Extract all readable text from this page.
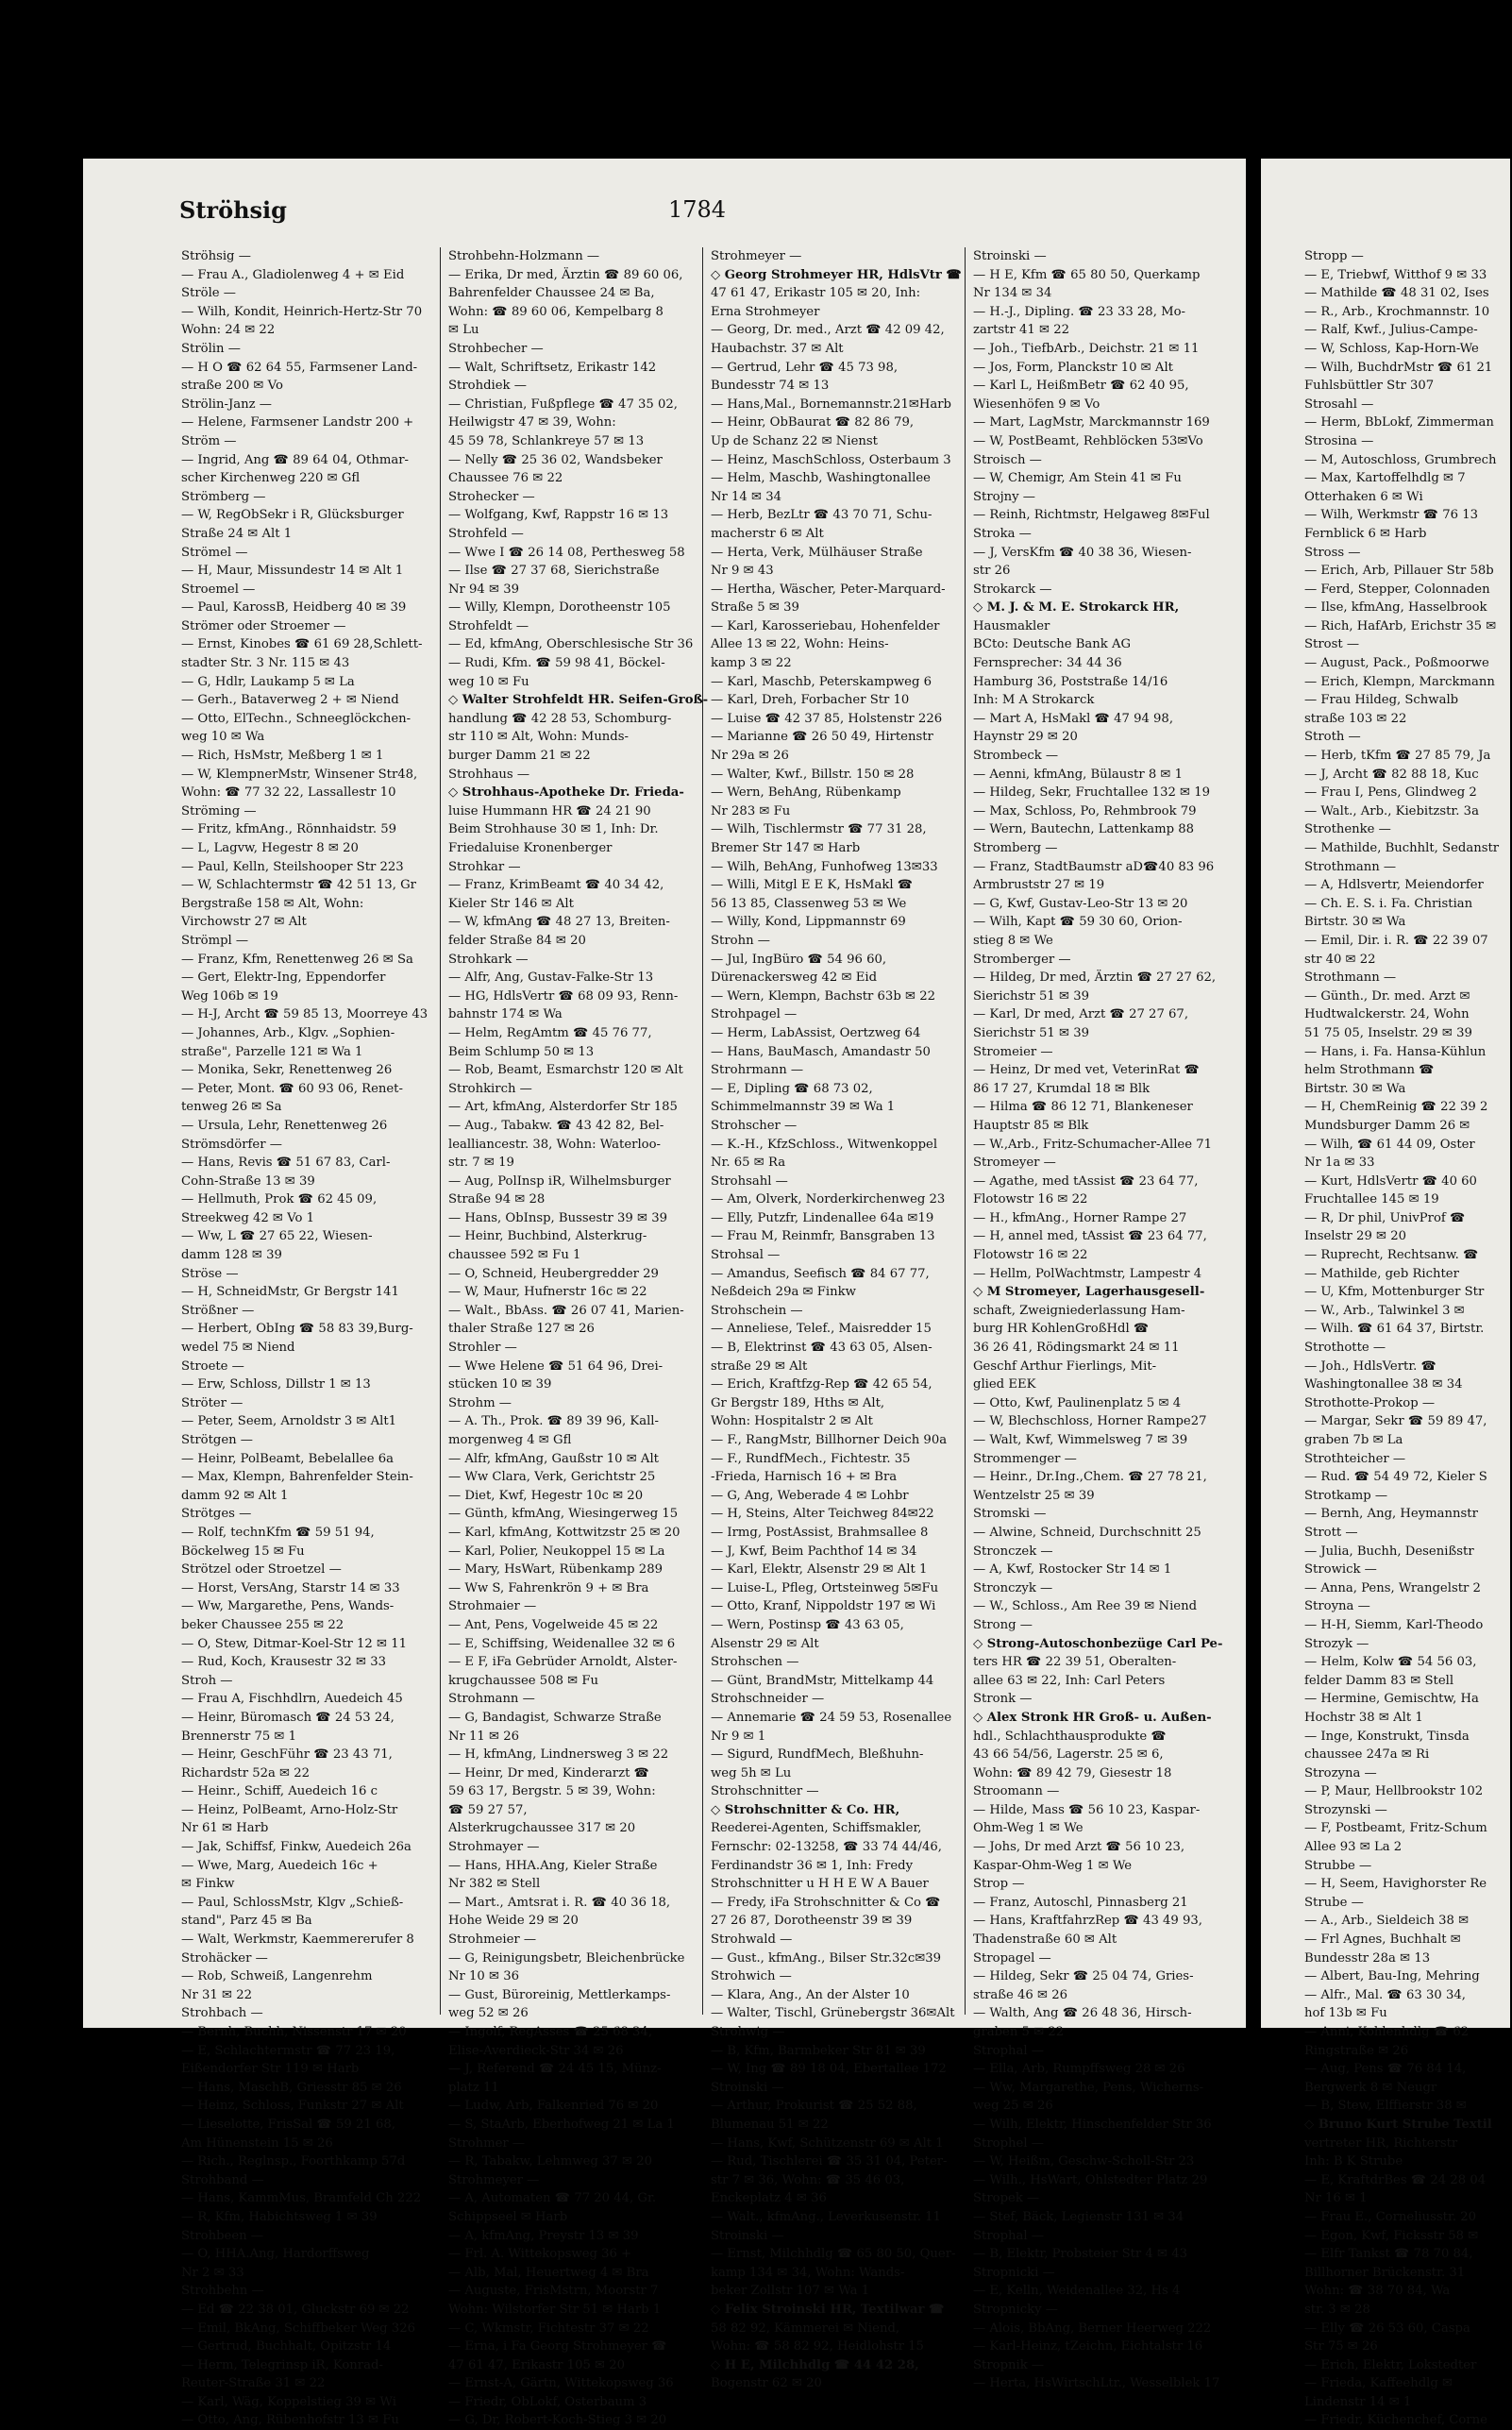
Ströhsig	1784
Ströhsig —
— Frau A., Gladiolenweg 4 + ✉ Eid
Ströle —
— Wilh, Kondit, Heinrich-Hertz-Str 70
Wohn: 24 ✉ 22
Strölin —
— H O ☎ 62 64 55, Farmsener Land-
straße 200 ✉ Vo
Strölin-Janz —
— Helene, Farmsener Landstr 200 +
Ström —
— Ingrid, Ang ☎ 89 64 04, Othmar-
scher Kirchenweg 220 ✉ Gfl
Strömberg —
— W, RegObSekr i R, Glücksburger
Straße 24 ✉ Alt 1
Strömel —
— H, Maur, Missundestr 14 ✉ Alt 1
Stroemel —
— Paul, KarossB, Heidberg 40 ✉ 39
Strömer oder Stroemer —
— Ernst, Kinobes ☎ 61 69 28,Schlett-
stadter Str. 3 Nr. 115 ✉ 43
— G, Hdlr, Laukamp 5 ✉ La
— Gerh., Bataverweg 2 + ✉ Niend
— Otto, ElTechn., Schneeglöckchen-
weg 10 ✉ Wa
— Rich, HsMstr, Meßberg 1 ✉ 1
— W, KlempnerMstr, Winsener Str48,
Wohn: ☎ 77 32 22, Lassallestr 10
Ströming —
— Fritz, kfmAng., Rönnhaidstr. 59
— L, Lagvw, Hegestr 8 ✉ 20
— Paul, Kelln, Steilshooper Str 223
— W, Schlachtermstr ☎ 42 51 13, Gr
Bergstraße 158 ✉ Alt, Wohn:
Virchowstr 27 ✉ Alt
Strömpl —
— Franz, Kfm, Renettenweg 26 ✉ Sa
— Gert, Elektr-Ing, Eppendorfer
Weg 106b ✉ 19
— H-J, Archt ☎ 59 85 13, Moorreye 43
— Johannes, Arb., Klgv. „Sophien-
straße", Parzelle 121 ✉ Wa 1
— Monika, Sekr, Renettenweg 26
— Peter, Mont. ☎ 60 93 06, Renet-
tenweg 26 ✉ Sa
— Ursula, Lehr, Renettenweg 26
Strömsdörfer —
— Hans, Revis ☎ 51 67 83, Carl-
Cohn-Straße 13 ✉ 39
— Hellmuth, Prok ☎ 62 45 09,
Streekweg 42 ✉ Vo 1
— Ww, L ☎ 27 65 22, Wiesen-
damm 128 ✉ 39
Ströse —
— H, SchneidMstr, Gr Bergstr 141
Strößner —
— Herbert, ObIng ☎ 58 83 39,Burg-
wedel 75 ✉ Niend
Stroete —
— Erw, Schloss, Dillstr 1 ✉ 13
Ströter —
— Peter, Seem, Arnoldstr 3 ✉ Alt1
Strötgen —
— Heinr, PolBeamt, Bebelallee 6a
— Max, Klempn, Bahrenfelder Stein-
damm 92 ✉ Alt 1
Strötges —
— Rolf, technKfm ☎ 59 51 94,
Böckelweg 15 ✉ Fu
Strötzel oder Stroetzel —
— Horst, VersAng, Starstr 14 ✉ 33
— Ww, Margarethe, Pens, Wands-
beker Chaussee 255 ✉ 22
— O, Stew, Ditmar-Koel-Str 12 ✉ 11
— Rud, Koch, Krausestr 32 ✉ 33
Stroh —
— Frau A, Fischhdlrn, Auedeich 45
— Heinr, Büromasch ☎ 24 53 24,
Brennerstr 75 ✉ 1
— Heinr, GeschFühr ☎ 23 43 71,
Richardstr 52a ✉ 22
— Heinr., Schiff, Auedeich 16 c
— Heinz, PolBeamt, Arno-Holz-Str
Nr 61 ✉ Harb
— Jak, Schiffsf, Finkw, Auedeich 26a
— Wwe, Marg, Auedeich 16c +
✉ Finkw
— Paul, SchlossMstr, Klgv „Schieß-
stand", Parz 45 ✉ Ba
— Walt, Werkmstr, Kaemmererufer 8
Strohäcker —
— Rob, Schweiß, Langenrehm
Nr 31 ✉ 22
Strohbach —
— Bernh, Buchh, Nissenstr 17 ✉ 20
— E, Schlachtermstr ☎ 77 23 19,
Eißendorfer Str 119 ✉ Harb
— Hans, MaschB, Griesstr 85 ✉ 26
— Heinz, Schloss, Funkstr 27 ✉ Alt
— Lieselotte, FrisSal ☎ 59 21 68,
Am Hünenstein 15 ✉ 26
— Rich., Reglnsp., Foorthkamp 57d
Strohband —
— Hans, KammMus, Bramfeld Ch 222
— R, Kfm, Habichtsweg 1 ✉ 39
Strohbeen —
— O, HHA.Ang, Hardorffsweg
Nr 2 ✉ 33
Strohbehn —
— Ed ☎ 22 38 01, Gluckstr 69 ✉ 22
— Emil, BkAng, Schiffbeker Weg 326
— Gertrud, Buchhalt, Opitzstr 14
— Herm, Telegrinsp iR, Konrad-
Reuter-Straße 31 ✉ 22
— Karl, Wäg, Koppelstieg 39 ✉ Wi
— Otto, Ang, Rübenhofstr 13 ✉ Fu
Strohbehn-Holzmann —
— Erika, Dr med, Ärztin ☎ 89 60 06,
Bahrenfelder Chaussee 24 ✉ Ba,
Wohn: ☎ 89 60 06, Kempelbarg 8
✉ Lu
Strohbecher —
— Walt, Schriftsetz, Erikastr 142
Strohdiek —
— Christian, Fußpflege ☎ 47 35 02,
Heilwigstr 47 ✉ 39, Wohn:
45 59 78, Schlankreye 57 ✉ 13
— Nelly ☎ 25 36 02, Wandsbeker
Chaussee 76 ✉ 22
Strohecker —
— Wolfgang, Kwf, Rappstr 16 ✉ 13
Strohfeld —
— Wwe I ☎ 26 14 08, Perthesweg 58
— Ilse ☎ 27 37 68, Sierichstraße
Nr 94 ✉ 39
— Willy, Klempn, Dorotheenstr 105
Strohfeldt —
— Ed, kfmAng, Oberschlesische Str 36
— Rudi, Kfm. ☎ 59 98 41, Böckel-
weg 10 ✉ Fu
◇ Walter Strohfeldt HR. Seifen-Groß-
handlung ☎ 42 28 53, Schomburg-
str 110 ✉ Alt, Wohn: Munds-
burger Damm 21 ✉ 22
Strohhaus —
◇ Strohhaus-Apotheke Dr. Frieda-
luise Hummann HR ☎ 24 21 90
Beim Strohhause 30 ✉ 1, Inh: Dr.
Friedaluise Kronenberger
Strohkar —
— Franz, KrimBeamt ☎ 40 34 42,
Kieler Str 146 ✉ Alt
— W, kfmAng ☎ 48 27 13, Breiten-
felder Straße 84 ✉ 20
Strohkark —
— Alfr, Ang, Gustav-Falke-Str 13
— HG, HdlsVertr ☎ 68 09 93, Renn-
bahnstr 174 ✉ Wa
— Helm, RegAmtm ☎ 45 76 77,
Beim Schlump 50 ✉ 13
— Rob, Beamt, Esmarchstr 120 ✉ Alt
Strohkirch —
— Art, kfmAng, Alsterdorfer Str 185
— Aug., Tabakw. ☎ 43 42 82, Bel-
lealliancestr. 38, Wohn: Waterloo-
str. 7 ✉ 19
— Aug, PolInsp iR, Wilhelmsburger
Straße 94 ✉ 28
— Hans, ObInsp, Bussestr 39 ✉ 39
— Heinr, Buchbind, Alsterkrug-
chaussee 592 ✉ Fu 1
— O, Schneid, Heubergredder 29
— W, Maur, Hufnerstr 16c ✉ 22
— Walt., BbAss. ☎ 26 07 41, Marien-
thaler Straße 127 ✉ 26
Strohler —
— Wwe Helene ☎ 51 64 96, Drei-
stücken 10 ✉ 39
Strohm —
— A. Th., Prok. ☎ 89 39 96, Kall-
morgenweg 4 ✉ Gfl
— Alfr, kfmAng, Gaußstr 10 ✉ Alt
— Ww Clara, Verk, Gerichtstr 25
— Diet, Kwf, Hegestr 10c ✉ 20
— Günth, kfmAng, Wiesingerweg 15
— Karl, kfmAng, Kottwitzstr 25 ✉ 20
— Karl, Polier, Neukoppel 15 ✉ La
— Mary, HsWart, Rübenkamp 289
— Ww S, Fahrenkrön 9 + ✉ Bra
Strohmaier —
— Ant, Pens, Vogelweide 45 ✉ 22
— E, Schiffsing, Weidenallee 32 ✉ 6
— E F, iFa Gebrüder Arnoldt, Alster-
krugchaussee 508 ✉ Fu
Strohmann —
— G, Bandagist, Schwarze Straße
Nr 11 ✉ 26
— H, kfmAng, Lindnersweg 3 ✉ 22
— Heinr, Dr med, Kinderarzt ☎
59 63 17, Bergstr. 5 ✉ 39, Wohn:
☎ 59 27 57,
Alsterkrugchaussee 317 ✉ 20
Strohmayer —
— Hans, HHA.Ang, Kieler Straße
Nr 382 ✉ Stell
— Mart., Amtsrat i. R. ☎ 40 36 18,
Hohe Weide 29 ✉ 20
Strohmeier —
— G, Reinigungsbetr, Bleichenbrücke
Nr 10 ✉ 36
— Gust, Büroreinig, Mettlerkamps-
weg 52 ✉ 26
— Ingolf, RegAsses ☎ 25 68 34,
Elise-Averdieck-Str 34 ✉ 26
— J, Referend ☎ 24 45 15, Münz-
platz 11
— Ludw, Arb, Falkenried 76 ✉ 20
— S, StaArb, Eberhofweg 21 ✉ La 1
Strohmer —
— R, Tabakw, Lehmweg 37 ✉ 20
Strohmeyer —
— A, Automaten ☎ 77 20 44, Gr.
Schippseel ✉ Harb
— A, kfmAng, Preystr 13 ✉ 39
— Frl. A. Wittekopsweg 36 +
— Alb, Mal, Heuertweg 4 ✉ Bra
— Auguste, FrisMstrn, Moorstr 7
Wohn: Wilstorfer Str 51 ✉ Harb 1
— C, Wkmstr, Fichtestr 37 ✉ 22
— Erna, i Fa Georg Strohmeyer ☎
47 61 47, Erikastr 105 ✉ 20
— Ernst-A, Gärtn, Wittekopsweg 36
— Friedr, ObLokf, Osterbaum 3
— G, Dr, Robert-Koch-Stieg 3 ✉ 20
Strohmeyer —
◇ Georg Strohmeyer HR, HdlsVtr ☎
47 61 47, Erikastr 105 ✉ 20, Inh:
Erna Strohmeyer
— Georg, Dr. med., Arzt ☎ 42 09 42,
Haubachstr. 37 ✉ Alt
— Gertrud, Lehr ☎ 45 73 98,
Bundesstr 74 ✉ 13
— Hans,Mal., Bornemannstr.21✉Harb
— Heinr, ObBaurat ☎ 82 86 79,
Up de Schanz 22 ✉ Nienst
— Heinz, MaschSchloss, Osterbaum 3
— Helm, Maschb, Washingtonallee
Nr 14 ✉ 34
— Herb, BezLtr ☎ 43 70 71, Schu-
macherstr 6 ✉ Alt
— Herta, Verk, Mülhäuser Straße
Nr 9 ✉ 43
— Hertha, Wäscher, Peter-Marquard-
Straße 5 ✉ 39
— Karl, Karosseriebau, Hohenfelder
Allee 13 ✉ 22, Wohn: Heins-
kamp 3 ✉ 22
— Karl, Maschb, Peterskampweg 6
— Karl, Dreh, Forbacher Str 10
— Luise ☎ 42 37 85, Holstenstr 226
— Marianne ☎ 26 50 49, Hirtenstr
Nr 29a ✉ 26
— Walter, Kwf., Billstr. 150 ✉ 28
— Wern, BehAng, Rübenkamp
Nr 283 ✉ Fu
— Wilh, Tischlermstr ☎ 77 31 28,
Bremer Str 147 ✉ Harb
— Wilh, BehAng, Funhofweg 13✉33
— Willi, Mitgl E E K, HsMakl ☎
56 13 85, Classenweg 53 ✉ We
— Willy, Kond, Lippmannstr 69
Strohn —
— Jul, IngBüro ☎ 54 96 60,
Dürenackersweg 42 ✉ Eid
— Wern, Klempn, Bachstr 63b ✉ 22
Strohpagel —
— Herm, LabAssist, Oertzweg 64
— Hans, BauMasch, Amandastr 50
Strohrmann —
— E, Dipling ☎ 68 73 02,
Schimmelmannstr 39 ✉ Wa 1
Strohscher —
— K.-H., KfzSchloss., Witwenkoppel
Nr. 65 ✉ Ra
Strohsahl —
— Am, Olverk, Norderkirchenweg 23
— Elly, Putzfr, Lindenallee 64a ✉19
— Frau M, Reinmfr, Bansgraben 13
Strohsal —
— Amandus, Seefisch ☎ 84 67 77,
Neßdeich 29a ✉ Finkw
Strohschein —
— Anneliese, Telef., Maisredder 15
— B, Elektrinst ☎ 43 63 05, Alsen-
straße 29 ✉ Alt
— Erich, Kraftfzg-Rep ☎ 42 65 54,
Gr Bergstr 189, Hths ✉ Alt,
Wohn: Hospitalstr 2 ✉ Alt
— F., RangMstr, Billhorner Deich 90a
— F., RundfMech., Fichtestr. 35
-Frieda, Harnisch 16 + ✉ Bra
— G, Ang, Weberade 4 ✉ Lohbr
— H, Steins, Alter Teichweg 84✉22
— Irmg, PostAssist, Brahmsallee 8
— J, Kwf, Beim Pachthof 14 ✉ 34
— Karl, Elektr, Alsenstr 29 ✉ Alt 1
— Luise-L, Pfleg, Ortsteinweg 5✉Fu
— Otto, Kranf, Nippoldstr 197 ✉ Wi
— Wern, Postinsp ☎ 43 63 05,
Alsenstr 29 ✉ Alt
Strohschen —
— Günt, BrandMstr, Mittelkamp 44
Strohschneider —
— Annemarie ☎ 24 59 53, Rosenallee
Nr 9 ✉ 1
— Sigurd, RundfMech, Bleßhuhn-
weg 5h ✉ Lu
Strohschnitter —
◇ Strohschnitter & Co. HR,
Reederei-Agenten, Schiffsmakler,
Fernschr: 02-13258, ☎ 33 74 44/46,
Ferdinandstr 36 ✉ 1, Inh: Fredy
Strohschnitter u H H E W A Bauer
— Fredy, iFa Strohschnitter & Co ☎
27 26 87, Dorotheenstr 39 ✉ 39
Strohwald —
— Gust., kfmAng., Bilser Str.32c✉39
Strohwich —
— Klara, Ang., An der Alster 10
— Walter, Tischl, Grünebergstr 36✉Alt
Strohwig —
— B, Kfm, Barmbeker Str 81 ✉ 39
— W, Ing ☎ 89 18 04, Ebertallee 172
Stroinski —
— Arthur, Prokurist ☎ 25 52 88,
Blumenau 51 ✉ 22
— Hans, Kwf, Schützenstr 69 ✉ Alt 1
— Rud, Tischlerei ☎ 35 31 04, Peter-
str 7 ✉ 36, Wohn: ☎ 35 46 03,
Enckeplatz 4 ✉ 36
— Walt., kfmAng., Leverkusenstr. 11
Stroinski —
— Ernst, Milchhdlg ☎ 65 80 50, Quer-
kamp 134 ✉ 34, Wohn: Wands-
beker Zollstr 107 ✉ Wa 1
◇ Felix Stroinski HR, Textilwar ☎
58 82 92, Kämmerei ✉ Niend,
Wohn: ☎ 58 82 92, Heidlohstr 15
◇ H E, Milchhdlg ☎ 44 42 28,
Bogenstr 62 ✉ 20
Stroinski —
— H E, Kfm ☎ 65 80 50, Querkamp
Nr 134 ✉ 34
— H.-J., Dipling. ☎ 23 33 28, Mo-
zartstr 41 ✉ 22
— Joh., TiefbArb., Deichstr. 21 ✉ 11
— Jos, Form, Planckstr 10 ✉ Alt
— Karl L, HeißmBetr ☎ 62 40 95,
Wiesenhöfen 9 ✉ Vo
— Mart, LagMstr, Marckmannstr 169
— W, PostBeamt, Rehblöcken 53✉Vo
Stroisch —
— W, Chemigr, Am Stein 41 ✉ Fu
Strojny —
— Reinh, Richtmstr, Helgaweg 8✉Ful
Stroka —
— J, VersKfm ☎ 40 38 36, Wiesen-
str 26
Strokarck —
◇ M. J. & M. E. Strokarck HR,
Hausmakler
BCto: Deutsche Bank AG
Fernsprecher: 34 44 36
Hamburg 36, Poststraße 14/16
Inh: M A Strokarck
— Mart A, HsMakl ☎ 47 94 98,
Haynstr 29 ✉ 20
Strombeck —
— Aenni, kfmAng, Bülaustr 8 ✉ 1
— Hildeg, Sekr, Fruchtallee 132 ✉ 19
— Max, Schloss, Po, Rehmbrook 79
— Wern, Bautechn, Lattenkamp 88
Stromberg —
— Franz, StadtBaumstr aD☎40 83 96
Armbruststr 27 ✉ 19
— G, Kwf, Gustav-Leo-Str 13 ✉ 20
— Wilh, Kapt ☎ 59 30 60, Orion-
stieg 8 ✉ We
Stromberger —
— Hildeg, Dr med, Ärztin ☎ 27 27 62,
Sierichstr 51 ✉ 39
— Karl, Dr med, Arzt ☎ 27 27 67,
Sierichstr 51 ✉ 39
Stromeier —
— Heinz, Dr med vet, VeterinRat ☎
86 17 27, Krumdal 18 ✉ Blk
— Hilma ☎ 86 12 71, Blankeneser
Hauptstr 85 ✉ Blk
— W.,Arb., Fritz-Schumacher-Allee 71
Stromeyer —
— Agathe, med tAssist ☎ 23 64 77,
Flotowstr 16 ✉ 22
— H., kfmAng., Horner Rampe 27
— H, annel med, tAssist ☎ 23 64 77,
Flotowstr 16 ✉ 22
— Hellm, PolWachtmstr, Lampestr 4
◇ M Stromeyer, Lagerhausgesell-
schaft, Zweigniederlassung Ham-
burg HR KohlenGroßHdl ☎
36 26 41, Rödingsmarkt 24 ✉ 11
Geschf Arthur Fierlings, Mit-
glied EEK
— Otto, Kwf, Paulinenplatz 5 ✉ 4
— W, Blechschloss, Horner Rampe27
— Walt, Kwf, Wimmelsweg 7 ✉ 39
Strommenger —
— Heinr., Dr.Ing.,Chem. ☎ 27 78 21,
Wentzelstr 25 ✉ 39
Stromski —
— Alwine, Schneid, Durchschnitt 25
Stronczek —
— A, Kwf, Rostocker Str 14 ✉ 1
Stronczyk —
— W., Schloss., Am Ree 39 ✉ Niend
Strong —
◇ Strong-Autoschonbezüge Carl Pe-
ters HR ☎ 22 39 51, Oberalten-
allee 63 ✉ 22, Inh: Carl Peters
Stronk —
◇ Alex Stronk HR Groß- u. Außen-
hdl., Schlachthausprodukte ☎
43 66 54/56, Lagerstr. 25 ✉ 6,
Wohn: ☎ 89 42 79, Giesestr 18
Stroomann —
— Hilde, Mass ☎ 56 10 23, Kaspar-
Ohm-Weg 1 ✉ We
— Johs, Dr med Arzt ☎ 56 10 23,
Kaspar-Ohm-Weg 1 ✉ We
Strop —
— Franz, Autoschl, Pinnasberg 21
— Hans, KraftfahrzRep ☎ 43 49 93,
Thadenstraße 60 ✉ Alt
Stropagel —
— Hildeg, Sekr ☎ 25 04 74, Gries-
straße 46 ✉ 26
— Walth, Ang ☎ 26 48 36, Hirsch-
graben 5 ✉ 22
Strophal —
— Ella, Arb, Rumpffsweg 28 ✉ 26
— Ww, Margarethe, Pens, Wicherns-
weg 25 ✉ 26
— Wilh, Elektr, Hinschenfelder Str 36
Strophel —
— W, Heißm, Geschw-Scholl-Str 23
— Wilh., HsWart, Ohlstedter Platz 29
Stropek —
— Stef, Bäck, Legienstr 131 ✉ 34
Strophal —
— B, Elektr, Probsteier Str 4 ✉ 43
Stropnicki —
— E, Kelln, Weidenallee 32, Hs 4
Stropnicky —
— Alois, BbAng, Berner Heerweg 222
— Karl-Heinz, tZeichn, Eichtalstr 16
Stropnik —
— Herta, HsWirtschLtr., Wesselblek 17
Stropp —
— E, Triebwf, Witthof 9 ✉ 33
— Mathilde ☎ 48 31 02, Ises
— R., Arb., Krochmannstr. 10
— Ralf, Kwf., Julius-Campe-
— W, Schloss, Kap-Horn-We
— Wilh, BuchdrMstr ☎ 61 21
Fuhlsbüttler Str 307
Strosahl —
— Herm, BbLokf, Zimmerman
Strosina —
— M, Autoschloss, Grumbrech
— Max, Kartoffelhdlg ✉ 7
Otterhaken 6 ✉ Wi
— Wilh, Werkmstr ☎ 76 13
Fernblick 6 ✉ Harb
Stross —
— Erich, Arb, Pillauer Str 58b
— Ferd, Stepper, Colonnaden
— Ilse, kfmAng, Hasselbrook
— Rich, HafArb, Erichstr 35 ✉
Strost —
— August, Pack., Poßmoorwe
— Erich, Klempn, Marckmann
— Frau Hildeg, Schwalb
straße 103 ✉ 22
Stroth —
— Herb, tKfm ☎ 27 85 79, Ja
— J, Archt ☎ 82 88 18, Kuc
— Frau I, Pens, Glindweg 2
— Walt., Arb., Kiebitzstr. 3a
Strothenke —
— Mathilde, Buchhlt, Sedanstr
Strothmann —
— A, Hdlsvertr, Meiendorfer
— Ch. E. S. i. Fa. Christian
Birtstr. 30 ✉ Wa
— Emil, Dir. i. R. ☎ 22 39 07
str 40 ✉ 22
Strothmann —
— Günth., Dr. med. Arzt ✉
Hudtwalckerstr. 24, Wohn
51 75 05, Inselstr. 29 ✉ 39
— Hans, i. Fa. Hansa-Kühlun
helm Strothmann ☎
Birtstr. 30 ✉ Wa
— H, ChemReinig ☎ 22 39 2
Mundsburger Damm 26 ✉
— Wilh, ☎ 61 44 09, Oster
Nr 1a ✉ 33
— Kurt, HdlsVertr ☎ 40 60
Fruchtallee 145 ✉ 19
— R, Dr phil, UnivProf ☎
Inselstr 29 ✉ 20
— Ruprecht, Rechtsanw. ☎
— Mathilde, geb Richter
— U, Kfm, Mottenburger Str
— W., Arb., Talwinkel 3 ✉
— Wilh. ☎ 61 64 37, Birtstr.
Strothotte —
— Joh., HdlsVertr. ☎
Washingtonallee 38 ✉ 34
Strothotte-Prokop —
— Margar, Sekr ☎ 59 89 47,
graben 7b ✉ La
Strothteicher —
— Rud. ☎ 54 49 72, Kieler S
Strotkamp —
— Bernh, Ang, Heymannstr
Strott —
— Julia, Buchh, Desenißstr
Strowick —
— Anna, Pens, Wrangelstr 2
Stroyna —
— H-H, Siemm, Karl-Theodo
Strozyk —
— Helm, Kolw ☎ 54 56 03,
felder Damm 83 ✉ Stell
— Hermine, Gemischtw, Ha
Hochstr 38 ✉ Alt 1
— Inge, Konstrukt, Tinsda
chaussee 247a ✉ Ri
Strozyna —
— P, Maur, Hellbrookstr 102
Strozynski —
— F, Postbeamt, Fritz-Schum
Allee 93 ✉ La 2
Strubbe —
— H, Seem, Havighorster Re
Strube —
— A., Arb., Sieldeich 38 ✉
— Frl Agnes, Buchhalt ✉
Bundesstr 28a ✉ 13
— Albert, Bau-Ing, Mehring
— Alfr., Mal. ☎ 63 30 34,
hof 13b ✉ Fu
— Anni, Kohlenhdlg ☎ 62
Ringstraße ✉ 26
— Aug, Pens ☎ 76 84 14,
Bergwerk 8 ✉ Neugr
— B, Stew, Elffierstr 38 ✉
◇ Bruno Kurt Strube Textil
vertreter HR, Richterstr
Inh: B K Strube
— E, KraftdrBes ☎ 24 28 04
Nr 16 ✉ 1
— Frau E., Corneliusstr. 20
— Egon, Kwf, Ficksstr 58 ✉
— Elfr Tankst ☎ 78 70 84,
Billhorner Brückenstr. 31
Wohn: ☎ 38 70 84, Wa
str. 3 ✉ 28
— Elly ☎ 26 53 60, Caspa
Str 75 ✉ 26
— Erich, Elektr, Lokstedter
— Frieda, Kaffeehdlg ✉
Lindenstr 14 ✉ 1
— Friedr, Küchenchef, Corne
